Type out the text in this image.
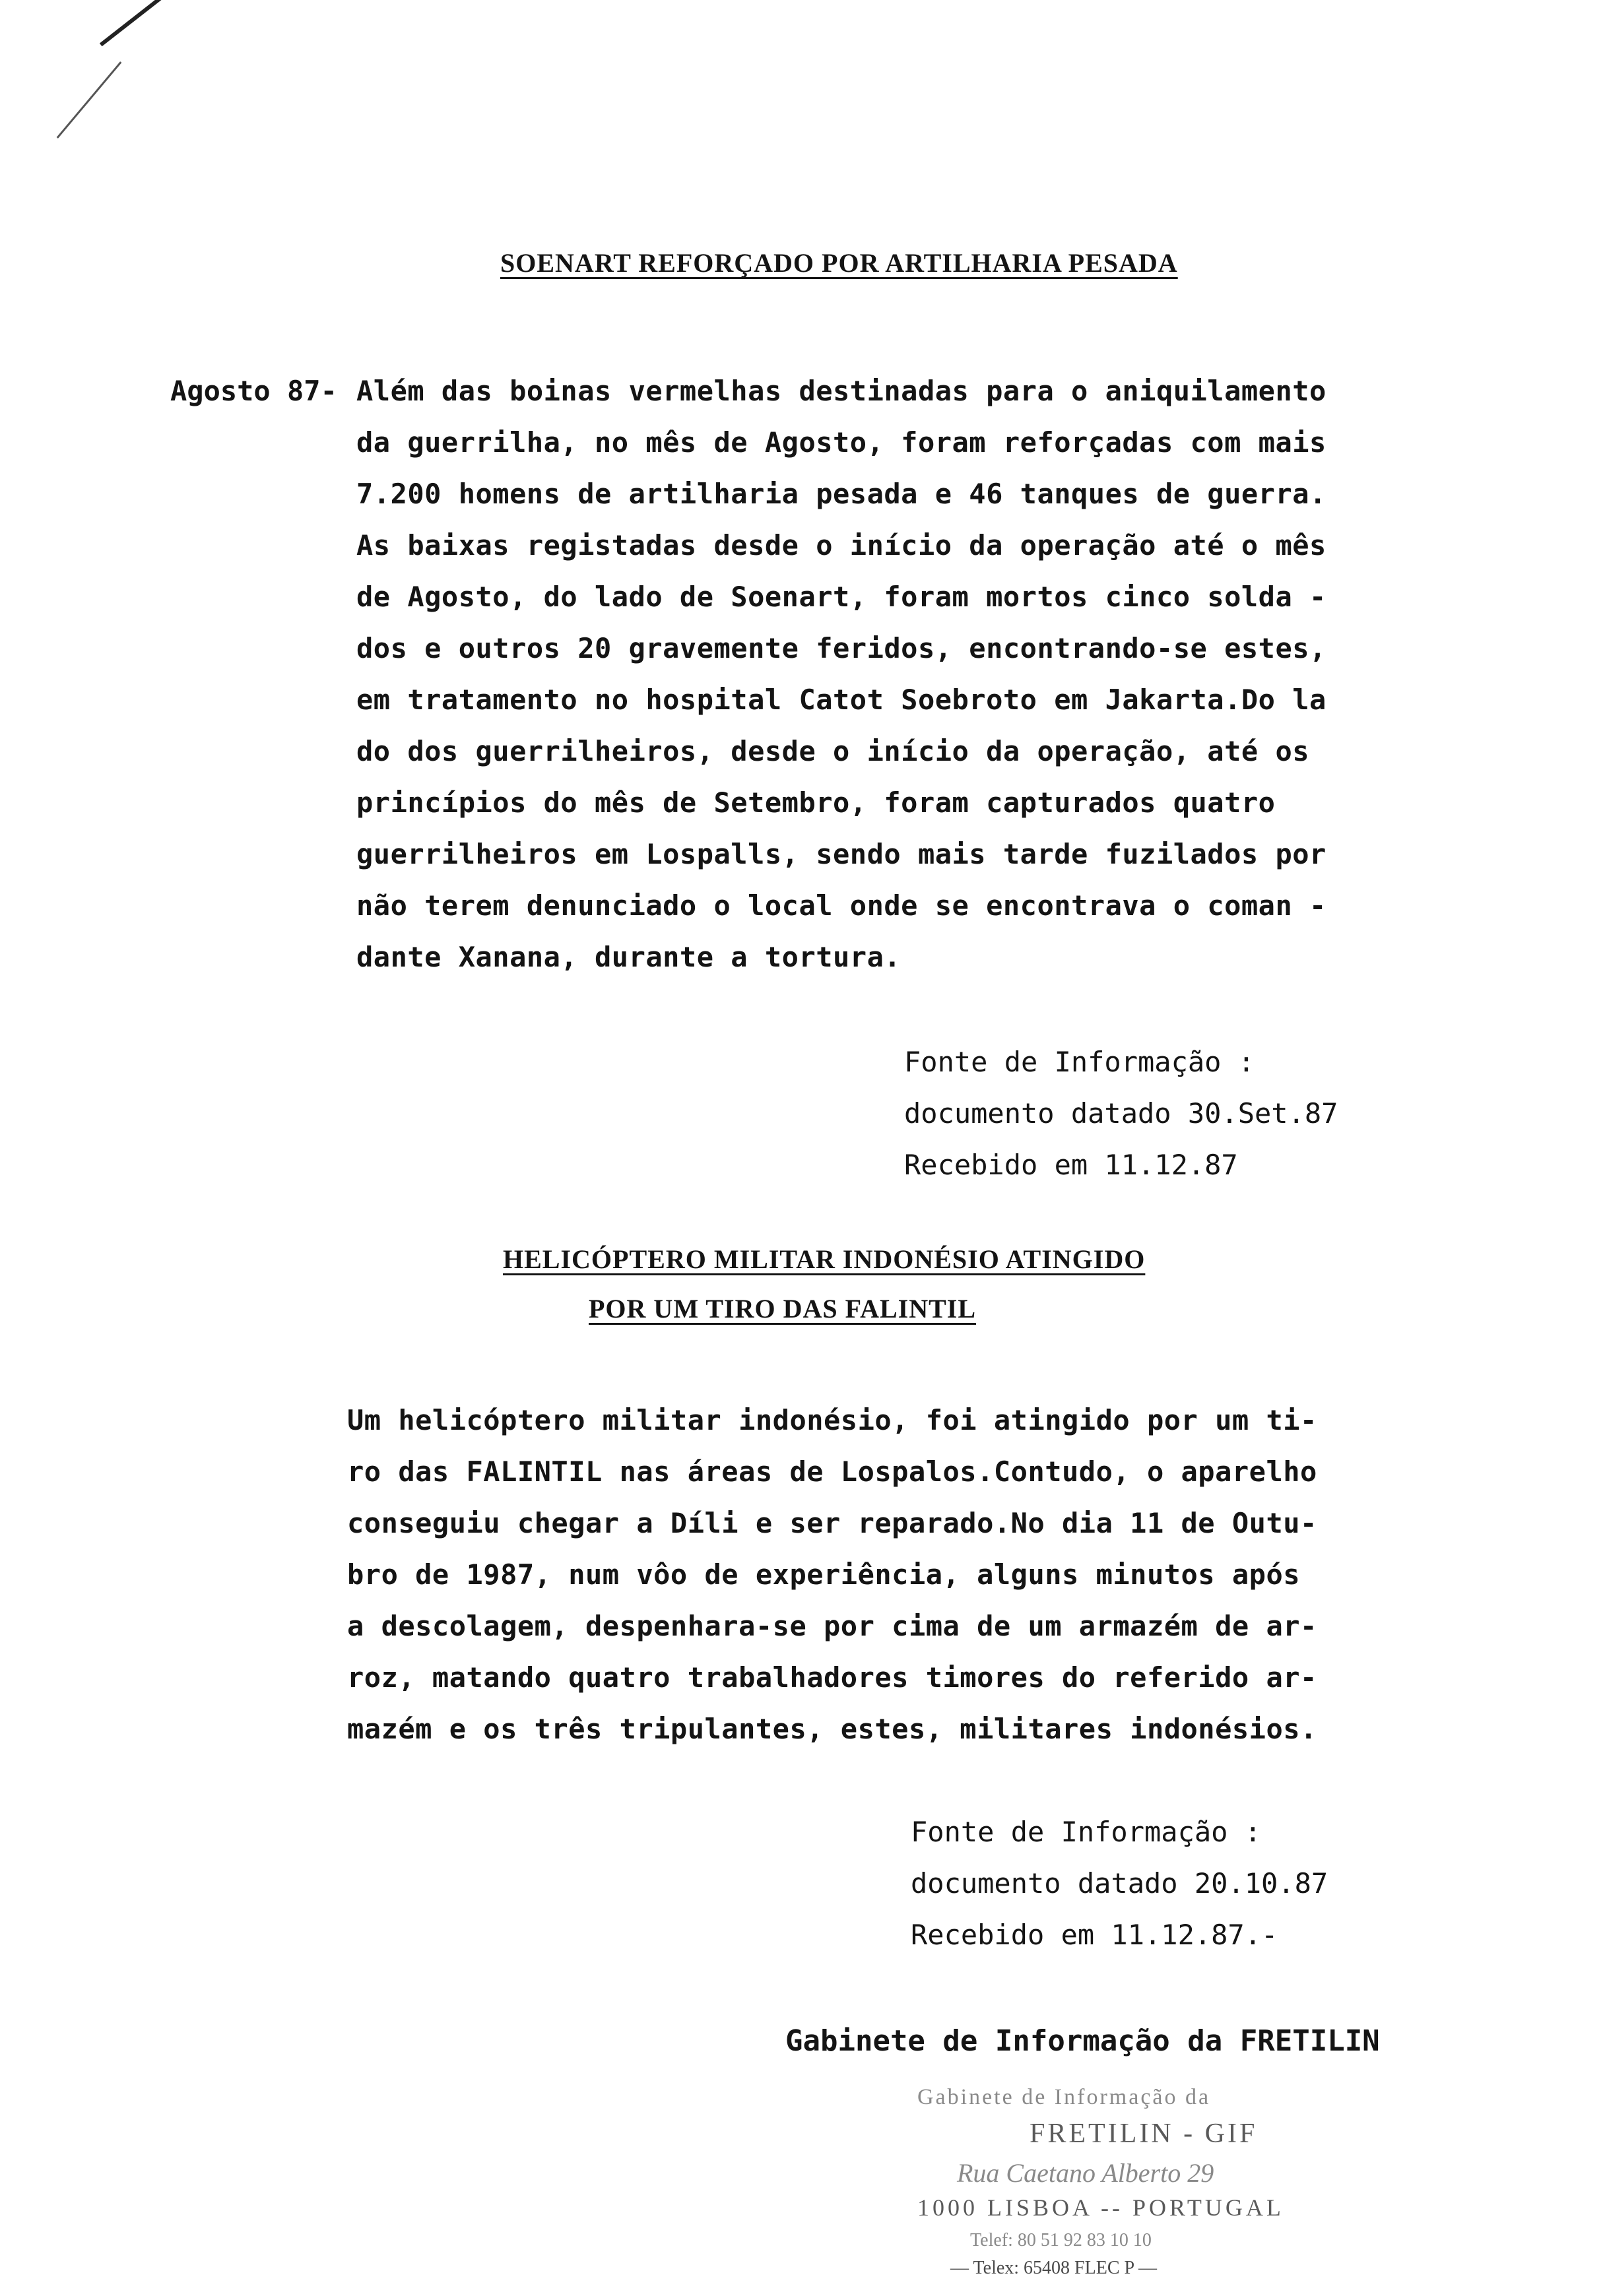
SOENART REFORÇADO POR ARTILHARIA PESADA
Agosto 87- Além das boinas vermelhas destinadas para o aniquilamento
da guerrilha, no mês de Agosto, foram reforçadas com mais
7.200 homens de artilharia pesada e 46 tanques de guerra.
As baixas registadas desde o início da operação até o mês
de Agosto, do lado de Soenart, foram mortos cinco solda -
dos e outros 20 gravemente feridos, encontrando-se estes,
em tratamento no hospital Catot Soebroto em Jakarta.Do la
do dos guerrilheiros, desde o início da operação, até os
princípios do mês de Setembro, foram capturados quatro
guerrilheiros em Lospalls, sendo mais tarde fuzilados por
não terem denunciado o local onde se encontrava o coman -
dante Xanana, durante a tortura.
Fonte de Informação :
documento datado 30.Set.87
Recebido em 11.12.87
HELICÓPTERO MILITAR INDONÉSIO ATINGIDO
POR UM TIRO DAS FALINTIL
Um helicóptero militar indonésio, foi atingido por um ti-
ro das FALINTIL nas áreas de Lospalos.Contudo, o aparelho
conseguiu chegar a Díli e ser reparado.No dia 11 de Outu-
bro de 1987, num vôo de experiência, alguns minutos após
a descolagem, despenhara-se por cima de um armazém de ar-
roz, matando quatro trabalhadores timores do referido ar-
mazém e os três tripulantes, estes, militares indonésios.
Fonte de Informação :
documento datado 20.10.87
Recebido em 11.12.87.-
Gabinete de Informação da FRETILIN
Gabinete de Informação da
FRETILIN - GIF
Rua Caetano Alberto 29
1000 LISBOA -- PORTUGAL
Telef: 80 51 92 83 10 10
— Telex: 65408 FLEC P —
